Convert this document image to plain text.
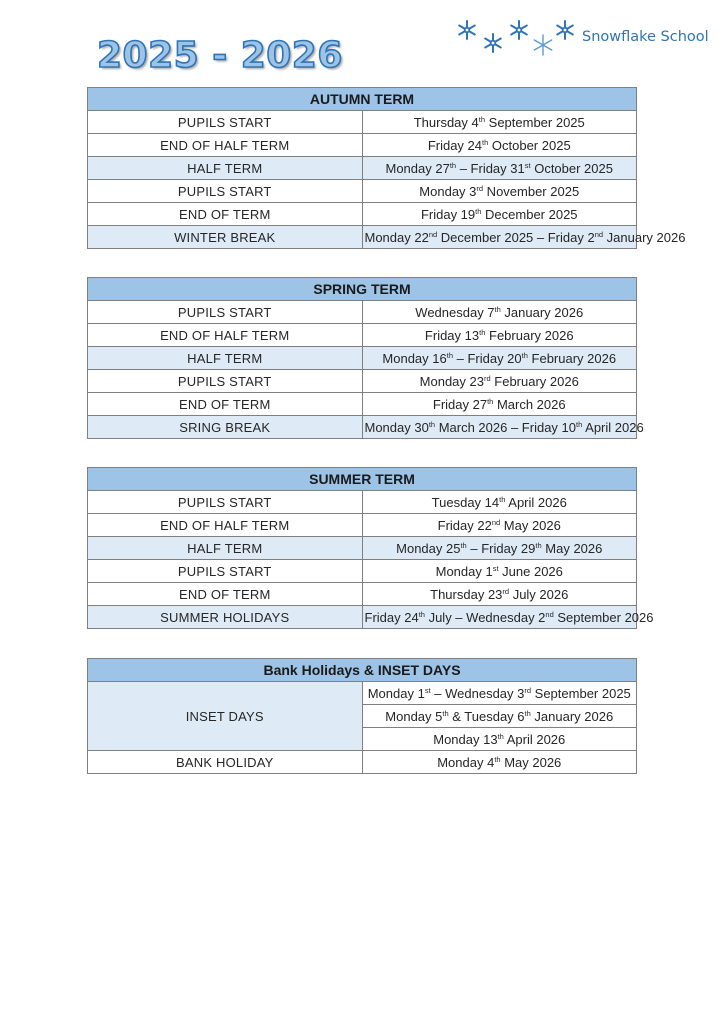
2025 - 2026	Snowflake School
AUTUMN TERM	
PUPILS START	Thursday 4th September 2025
END OF HALF TERM	Friday 24th October 2025
HALF TERM	Monday 27th – Friday 31st October 2025
PUPILS START	Monday 3rd November 2025
END OF TERM	Friday 19th December 2025
WINTER BREAK	Monday 22nd December 2025 – Friday 2nd January 2026
SPRING TERM	
PUPILS START	Wednesday 7th January 2026
END OF HALF TERM	Friday 13th February 2026
HALF TERM	Monday 16th – Friday 20th February 2026
PUPILS START	Monday 23rd February 2026
END OF TERM	Friday 27th March 2026
SRING BREAK	Monday 30th March 2026 – Friday 10th April 2026
SUMMER TERM	
PUPILS START	Tuesday 14th April 2026
END OF HALF TERM	Friday 22nd May 2026
HALF TERM	Monday 25th – Friday 29th May 2026
PUPILS START	Monday 1st June 2026
END OF TERM	Thursday 23rd July 2026
SUMMER HOLIDAYS	Friday 24th July – Wednesday 2nd September 2026
Bank Holidays & INSET DAYS	
INSET DAYS	Monday 1st – Wednesday 3rd September 2025
	Monday 5th & Tuesday 6th January 2026
	Monday 13th April 2026
BANK HOLIDAY	Monday 4th May 2026
